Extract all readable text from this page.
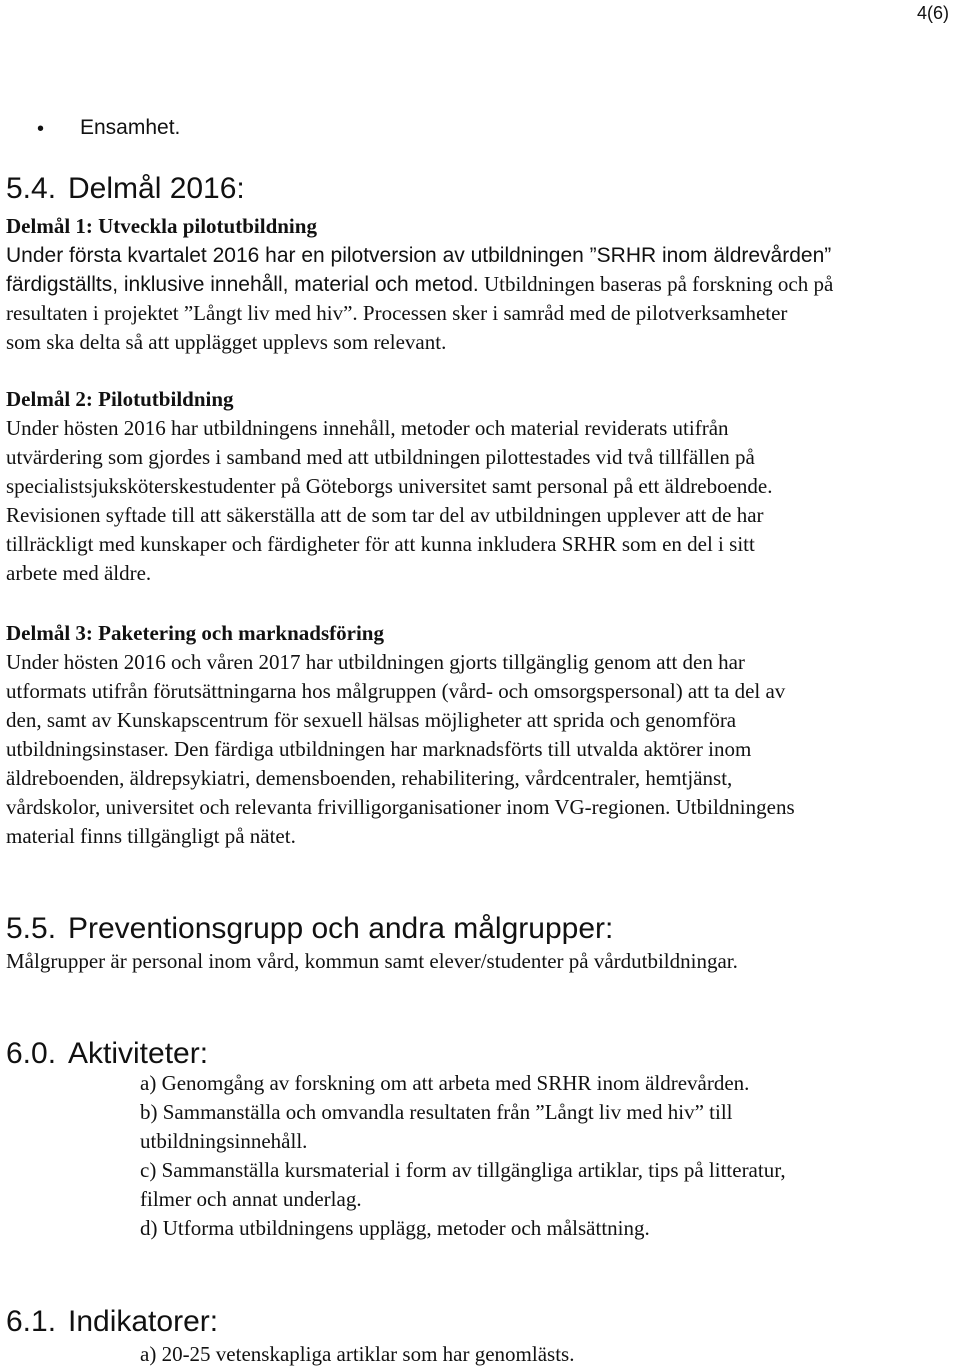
4(6)
• Ensamhet.
5.4. Delmål 2016:
Delmål 1: Utveckla pilotutbildning
Under första kvartalet 2016 har en pilotversion av utbildningen ”SRHR inom äldrevården”
färdigställts, inklusive innehåll, material och metod. Utbildningen baseras på forskning och på
resultaten i projektet ”Långt liv med hiv”. Processen sker i samråd med de pilotverksamheter
som ska delta så att upplägget upplevs som relevant.
Delmål 2: Pilotutbildning
Under hösten 2016 har utbildningens innehåll, metoder och material reviderats utifrån
utvärdering som gjordes i samband med att utbildningen pilottestades vid två tillfällen på
specialistsjuksköterskestudenter på Göteborgs universitet samt personal på ett äldreboende.
Revisionen syftade till att säkerställa att de som tar del av utbildningen upplever att de har
tillräckligt med kunskaper och färdigheter för att kunna inkludera SRHR som en del i sitt
arbete med äldre.
Delmål 3: Paketering och marknadsföring
Under hösten 2016 och våren 2017 har utbildningen gjorts tillgänglig genom att den har
utformats utifrån förutsättningarna hos målgruppen (vård- och omsorgspersonal) att ta del av
den, samt av Kunskapscentrum för sexuell hälsas möjligheter att sprida och genomföra
utbildningsinstaser. Den färdiga utbildningen har marknadsförts till utvalda aktörer inom
äldreboenden, äldrepsykiatri, demensboenden, rehabilitering, vårdcentraler, hemtjänst,
vårdskolor, universitet och relevanta frivilligorganisationer inom VG-regionen. Utbildningens
material finns tillgängligt på nätet.
5.5. Preventionsgrupp och andra målgrupper:
Målgrupper är personal inom vård, kommun samt elever/studenter på vårdutbildningar.
6.0. Aktiviteter:
a) Genomgång av forskning om att arbeta med SRHR inom äldrevården.
b) Sammanställa och omvandla resultaten från ”Långt liv med hiv” till
utbildningsinnehåll.
c) Sammanställa kursmaterial i form av tillgängliga artiklar, tips på litteratur,
filmer och annat underlag.
d) Utforma utbildningens upplägg, metoder och målsättning.
6.1. Indikatorer:
a) 20-25 vetenskapliga artiklar som har genomlästs.
